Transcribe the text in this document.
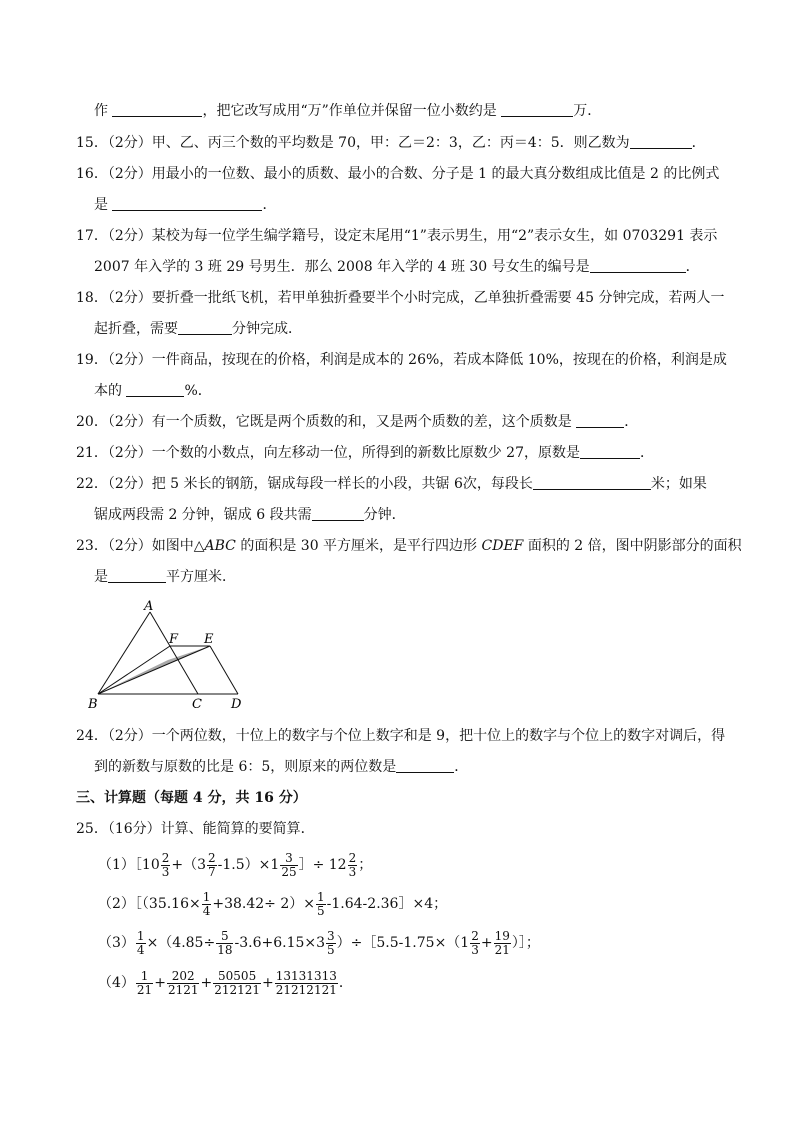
作	，把它改写成用“万”作单位并保留一位小数约是	万．
15．（2分）甲、乙、丙三个数的平均数是 70，甲：乙＝2：3，乙：丙＝4：5．则乙数为	．
16．（2分）用最小的一位数、最小的质数、最小的合数、分子是 1 的最大真分数组成比值是 2 的比例式
是	．
17．（2分）某校为每一位学生编学籍号，设定末尾用“1”表示男生，用“2”表示女生，如 0703291 表示
2007 年入学的 3 班 29 号男生．那么 2008 年入学的 4 班 30 号女生的编号是	．
18．（2分）要折叠一批纸飞机，若甲单独折叠要半个小时完成，乙单独折叠需要 45 分钟完成，若两人一
起折叠，需要	分钟完成．
19．（2分）一件商品，按现在的价格，利润是成本的 26%，若成本降低 10%，按现在的价格，利润是成
本的	%．
20．（2分）有一个质数，它既是两个质数的和，又是两个质数的差，这个质数是	．
21．（2分）一个数的小数点，向左移动一位，所得到的新数比原数少 27，原数是	．
22．（2分）把 5 米长的钢筋，锯成每段一样长的小段，共锯 6次，每段长	米；如果
锯成两段需 2 分钟，锯成 6 段共需	分钟．
23．（2分）如图中△ABC 的面积是 30 平方厘米，是平行四边形 CDEF 面积的 2 倍，图中阴影部分的面积
是	平方厘米．
A
B	C D
E
F
24．（2分）一个两位数，十位上的数字与个位上数字和是 9，把十位上的数字与个位上的数字对调后，得
到的新数与原数的比是 6：5，则原来的两位数是	．
三、计算题（每题 4 分，共 16 分）
25．（16分）计算、能简算的要简算．
（1）［10 $\frac{2}{3} +(3 \frac{2}{7} -1.5)\times 1 \frac{3}{25}$ ］÷ $12 \frac{2}{3}$ ；
（2）［（35.16× $\frac{1}{4} +38.42\div 2)\times \frac{1}{5}$ -1.64-2.36］×4；
$(3) \frac{1}{4} \times(4.85\div \frac{5}{18} -3.6+6.15\times 3 \frac{3}{5}$ ）÷［5.5-1.75×（1 $\frac{2}{3} + \frac{19}{21}$ ）］；
$(4) \frac{1}{21} + \frac{202}{2121} + \frac{50505}{212121} + \frac{13131313}{21212121}$ ．
